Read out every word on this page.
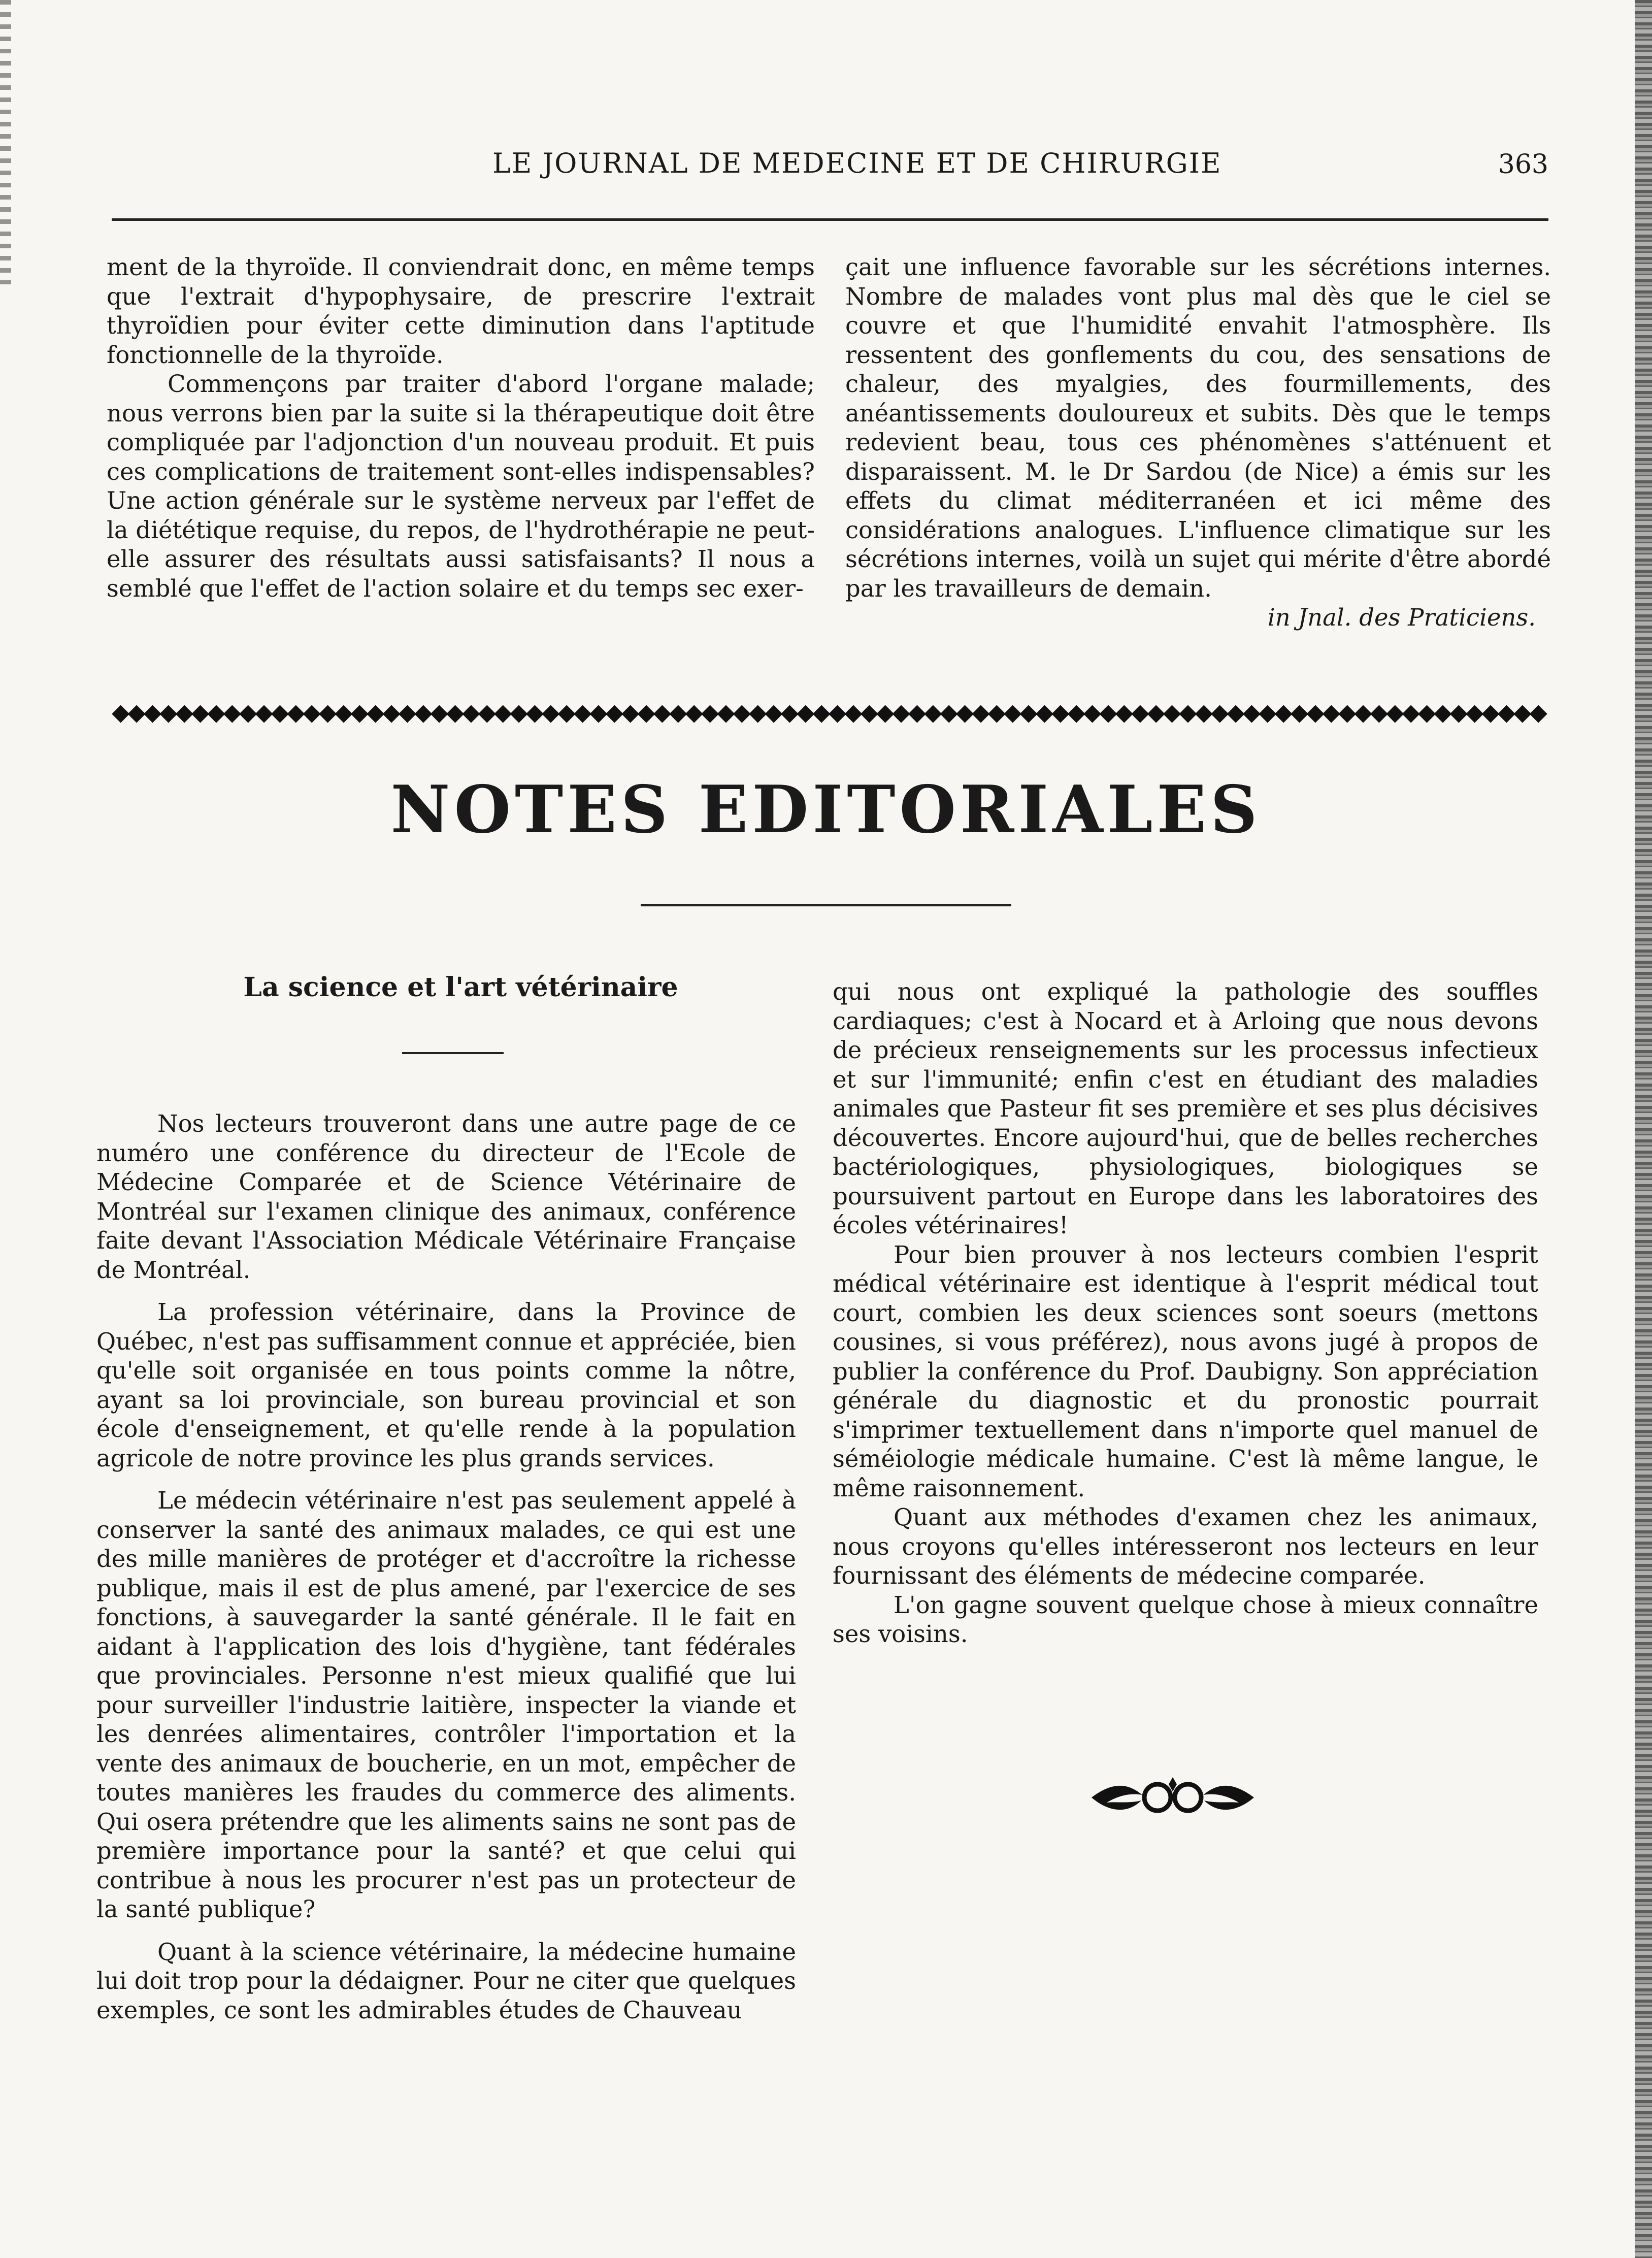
LE JOURNAL DE MEDECINE ET DE CHIRURGIE	363

ment de la thyroïde. Il conviendrait donc, en même temps que l'extrait d'hypophysaire, de prescrire l'extrait thyroïdien pour éviter cette diminution dans l'aptitude fonctionnelle de la thyroïde.

Commençons par traiter d'abord l'organe malade; nous verrons bien par la suite si la thérapeutique doit être compliquée par l'adjonction d'un nouveau produit. Et puis ces complications de traitement sont-elles indispensables? Une action générale sur le système nerveux par l'effet de la diététique requise, du repos, de l'hydrothérapie ne peut-elle assurer des résultats aussi satisfaisants? Il nous a semblé que l'effet de l'action solaire et du temps sec exer-

çait une influence favorable sur les sécrétions internes. Nombre de malades vont plus mal dès que le ciel se couvre et que l'humidité envahit l'atmosphère. Ils ressentent des gonflements du cou, des sensations de chaleur, des myalgies, des fourmillements, des anéantissements douloureux et subits. Dès que le temps redevient beau, tous ces phénomènes s'atténuent et disparaissent. M. le Dr Sardou (de Nice) a émis sur les effets du climat méditerranéen et ici même des considérations analogues. L'influence climatique sur les sécrétions internes, voilà un sujet qui mérite d'être abordé par les travailleurs de demain.

in Jnal. des Praticiens.

◆◆◆◆◆◆◆◆◆◆◆◆◆◆◆◆◆◆◆◆◆◆◆◆◆◆◆◆◆◆◆◆◆◆◆◆◆◆◆◆◆◆◆◆◆◆◆◆◆◆◆◆◆◆◆◆◆◆◆◆◆◆◆◆◆◆◆◆◆◆◆◆◆◆◆◆◆◆◆◆◆◆◆◆◆◆◆◆◆◆
NOTES EDITORIALES
La science et l'art vétérinaire

Nos lecteurs trouveront dans une autre page de ce numéro une conférence du directeur de l'Ecole de Médecine Comparée et de Science Vétérinaire de Montréal sur l'examen clinique des animaux, conférence faite devant l'Association Médicale Vétérinaire Française de Montréal.

La profession vétérinaire, dans la Province de Québec, n'est pas suffisamment connue et appréciée, bien qu'elle soit organisée en tous points comme la nôtre, ayant sa loi provinciale, son bureau provincial et son école d'enseignement, et qu'elle rende à la population agricole de notre province les plus grands services.

Le médecin vétérinaire n'est pas seulement appelé à conserver la santé des animaux malades, ce qui est une des mille manières de protéger et d'accroître la richesse publique, mais il est de plus amené, par l'exercice de ses fonctions, à sauvegarder la santé générale. Il le fait en aidant à l'application des lois d'hygiène, tant fédérales que provinciales. Personne n'est mieux qualifié que lui pour surveiller l'industrie laitière, inspecter la viande et les denrées alimentaires, contrôler l'importation et la vente des animaux de boucherie, en un mot, empêcher de toutes manières les fraudes du commerce des aliments. Qui osera prétendre que les aliments sains ne sont pas de première importance pour la santé? et que celui qui contribue à nous les procurer n'est pas un protecteur de la santé publique?

Quant à la science vétérinaire, la médecine humaine lui doit trop pour la dédaigner. Pour ne citer que quelques exemples, ce sont les admirables études de Chauveau

qui nous ont expliqué la pathologie des souffles cardiaques; c'est à Nocard et à Arloing que nous devons de précieux renseignements sur les processus infectieux et sur l'immunité; enfin c'est en étudiant des maladies animales que Pasteur fit ses première et ses plus décisives découvertes. Encore aujourd'hui, que de belles recherches bactériologiques, physiologiques, biologiques se poursuivent partout en Europe dans les laboratoires des écoles vétérinaires!

Pour bien prouver à nos lecteurs combien l'esprit médical vétérinaire est identique à l'esprit médical tout court, combien les deux sciences sont soeurs (mettons cousines, si vous préférez), nous avons jugé à propos de publier la conférence du Prof. Daubigny. Son appréciation générale du diagnostic et du pronostic pourrait s'imprimer textuellement dans n'importe quel manuel de séméiologie médicale humaine. C'est là même langue, le même raisonnement.

Quant aux méthodes d'examen chez les animaux, nous croyons qu'elles intéresseront nos lecteurs en leur fournissant des éléments de médecine comparée.

L'on gagne souvent quelque chose à mieux connaître ses voisins.
